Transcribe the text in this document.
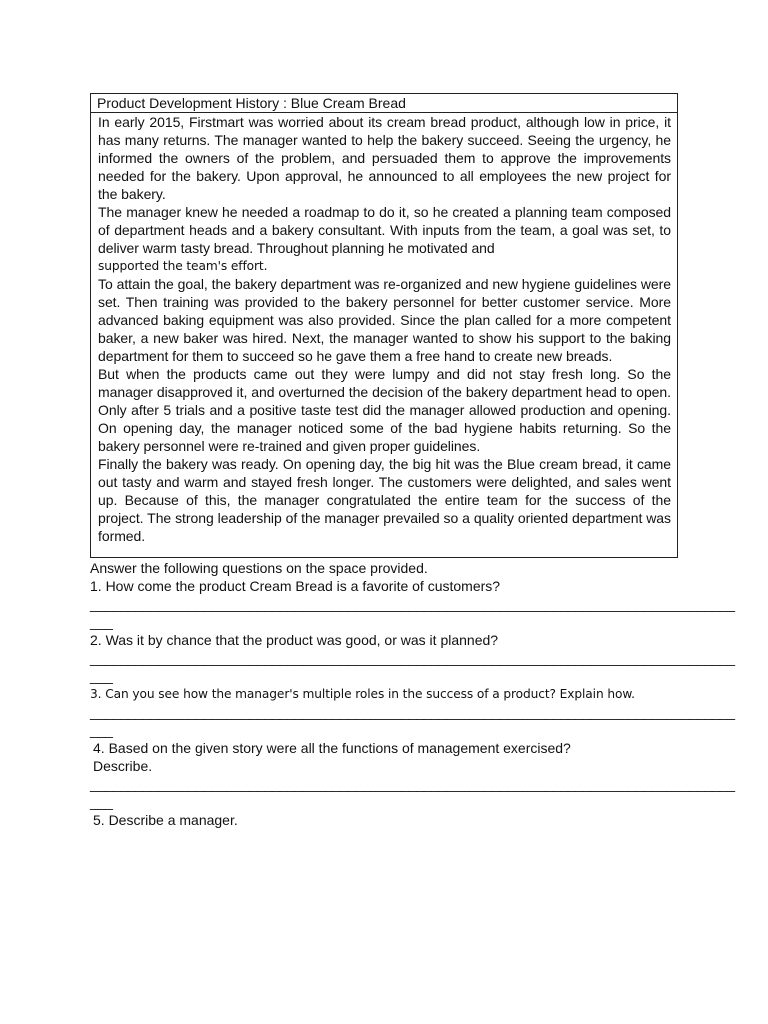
Product Development History : Blue Cream Bread

In early 2015, Firstmart was worried about its cream bread product, although low in price, it has many returns. The manager wanted to help the bakery succeed. Seeing the urgency, he informed the owners of the problem, and persuaded them to approve the improvements needed for the bakery. Upon approval, he announced to all employees the new project for the bakery.

The manager knew he needed a roadmap to do it, so he created a planning team composed of department heads and a bakery consultant. With inputs from the team, a goal was set, to deliver warm tasty bread. Throughout planning he motivated and

supported the team's effort.

To attain the goal, the bakery department was re-organized and new hygiene guidelines were set. Then training was provided to the bakery personnel for better customer service. More advanced baking equipment was also provided. Since the plan called for a more competent baker, a new baker was hired. Next, the manager wanted to show his support to the baking department for them to succeed so he gave them a free hand to create new breads.

But when the products came out they were lumpy and did not stay fresh long. So the manager disapproved it, and overturned the decision of the bakery department head to open. Only after 5 trials and a positive taste test did the manager allowed production and opening. On opening day, the manager noticed some of the bad hygiene habits returning. So the bakery personnel were re-trained and given proper guidelines.

Finally the bakery was ready. On opening day, the big hit was the Blue cream bread, it came out tasty and warm and stayed fresh longer. The customers were delighted, and sales went up. Because of this, the manager congratulated the entire team for the success of the project. The strong leadership of the manager prevailed so a quality oriented department was formed.

Answer the following questions on the space provided.

1. How come the product Cream Bread is a favorite of customers?

_____________________________________________________________________________________

___

2. Was it by chance that the product was good, or was it planned?

_____________________________________________________________________________________

___

3. Can you see how the manager's multiple roles in the success of a product? Explain how.

_____________________________________________________________________________________

___

4. Based on the given story were all the functions of management exercised? Describe.

_____________________________________________________________________________________

___

5. Describe a manager.
